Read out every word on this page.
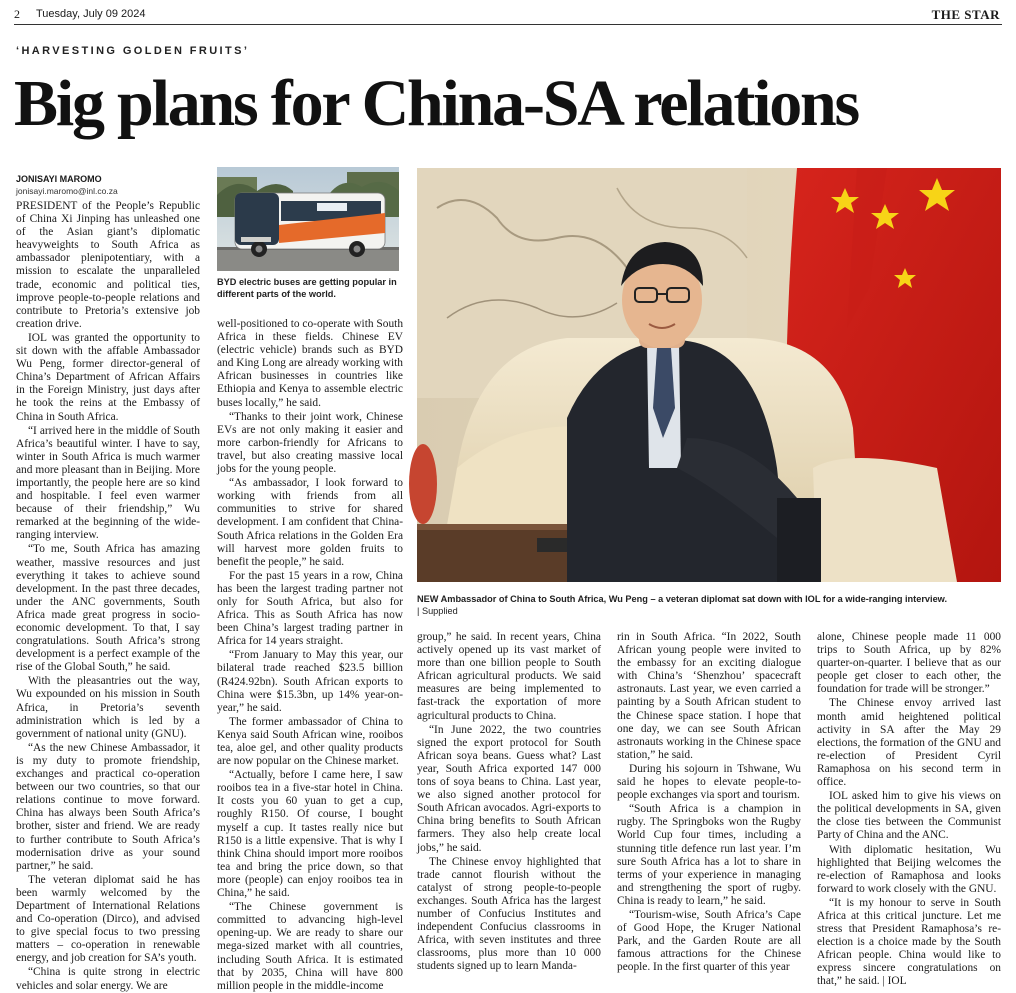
2 Tuesday, July 09 2024	THE STAR
‘HARVESTING GOLDEN FRUITS’
Big plans for China-SA relations
JONISAYI MAROMO
jonisayi.maromo@inl.co.za
BYD electric buses are getting popular in different parts of the world.
NEW Ambassador of China to South Africa, Wu Peng – a veteran diplomat sat down with IOL for a wide-ranging interview.
| Supplied

PRESIDENT of the People’s Republic of China Xi Jinping has unleashed one of the Asian giant’s diplomatic heavyweights to South Africa as ambassador plenipotentiary, with a mission to escalate the unparalleled trade, economic and political ties, improve people-to-people relations and contribute to Pretoria’s extensive job creation drive.

IOL was granted the opportunity to sit down with the affable Ambassador Wu Peng, former director-general of China’s Department of African Affairs in the Foreign Ministry, just days after he took the reins at the Embassy of China in South Africa.

“I arrived here in the middle of South Africa’s beautiful winter. I have to say, winter in South Africa is much warmer and more pleasant than in Beijing. More importantly, the people here are so kind and hospitable. I feel even warmer because of their friendship,” Wu remarked at the beginning of the wide-ranging interview.

“To me, South Africa has amazing weather, massive resources and just everything it takes to achieve sound development. In the past three decades, under the ANC governments, South Africa made great progress in socio-economic development. To that, I say congratulations. South Africa’s strong development is a perfect example of the rise of the Global South,” he said.

With the pleasantries out the way, Wu expounded on his mission in South Africa, in Pretoria’s seventh administration which is led by a government of national unity (GNU).

“As the new Chinese Ambassador, it is my duty to promote friendship, exchanges and practical co-operation between our two countries, so that our relations continue to move forward. China has always been South Africa’s brother, sister and friend. We are ready to further contribute to South Africa’s modernisation drive as your sound partner,” he said.

The veteran diplomat said he has been warmly welcomed by the Department of International Relations and Co-operation (Dirco), and advised to give special focus to two pressing matters – co-operation in renewable energy, and job creation for SA’s youth.

“China is quite strong in electric vehicles and solar energy. We are

well-positioned to co-operate with South Africa in these fields. Chinese EV (electric vehicle) brands such as BYD and King Long are already working with African businesses in countries like Ethiopia and Kenya to assemble electric buses locally,” he said.

“Thanks to their joint work, Chinese EVs are not only making it easier and more carbon-friendly for Africans to travel, but also creating massive local jobs for the young people.

“As ambassador, I look forward to working with friends from all communities to strive for shared development. I am confident that China-South Africa relations in the Golden Era will harvest more golden fruits to benefit the people,” he said.

For the past 15 years in a row, China has been the largest trading partner not only for South Africa, but also for Africa. This as South Africa has now been China’s largest trading partner in Africa for 14 years straight.

“From January to May this year, our bilateral trade reached $23.5 billion (R424.92bn). South African exports to China were $15.3bn, up 14% year-on-year,” he said.

The former ambassador of China to Kenya said South African wine, rooibos tea, aloe gel, and other quality products are now popular on the Chinese market.

“Actually, before I came here, I saw rooibos tea in a five-star hotel in China. It costs you 60 yuan to get a cup, roughly R150. Of course, I bought myself a cup. It tastes really nice but R150 is a little expensive. That is why I think China should import more rooibos tea and bring the price down, so that more (people) can enjoy rooibos tea in China,” he said.

“The Chinese government is committed to advancing high-level opening-up. We are ready to share our mega-sized market with all countries, including South Africa. It is estimated that by 2035, China will have 800 million people in the middle-income

group,” he said. In recent years, China actively opened up its vast market of more than one billion people to South African agricultural products. We said measures are being implemented to fast-track the exportation of more agricultural products to China.

“In June 2022, the two countries signed the export protocol for South African soya beans. Guess what? Last year, South Africa exported 147 000 tons of soya beans to China. Last year, we also signed another protocol for South African avocados. Agri-exports to China bring benefits to South African farmers. They also help create local jobs,” he said.

The Chinese envoy highlighted that trade cannot flourish without the catalyst of strong people-to-people exchanges. South Africa has the largest number of Confucius Institutes and independent Confucius classrooms in Africa, with seven institutes and three classrooms, plus more than 10 000 students signed up to learn Manda-

rin in South Africa. “In 2022, South African young people were invited to the embassy for an exciting dialogue with China’s ‘Shenzhou’ spacecraft astronauts. Last year, we even carried a painting by a South African student to the Chinese space station. I hope that one day, we can see South African astronauts working in the Chinese space station,” he said.

During his sojourn in Tshwane, Wu said he hopes to elevate people-to-people exchanges via sport and tourism.

“South Africa is a champion in rugby. The Springboks won the Rugby World Cup four times, including a stunning title defence run last year. I’m sure South Africa has a lot to share in terms of your experience in managing and strengthening the sport of rugby. China is ready to learn,” he said.

“Tourism-wise, South Africa’s Cape of Good Hope, the Kruger National Park, and the Garden Route are all famous attractions for the Chinese people. In the first quarter of this year

alone, Chinese people made 11 000 trips to South Africa, up by 82% quarter-on-quarter. I believe that as our people get closer to each other, the foundation for trade will be stronger.”

The Chinese envoy arrived last month amid heightened political activity in SA after the May 29 elections, the formation of the GNU and re-election of President Cyril Ramaphosa on his second term in office.

IOL asked him to give his views on the political developments in SA, given the close ties between the Communist Party of China and the ANC.

With diplomatic hesitation, Wu highlighted that Beijing welcomes the re-election of Ramaphosa and looks forward to work closely with the GNU.

“It is my honour to serve in South Africa at this critical juncture. Let me stress that President Ramaphosa’s re-election is a choice made by the South African people. China would like to express sincere congratulations on that,” he said. | IOL
